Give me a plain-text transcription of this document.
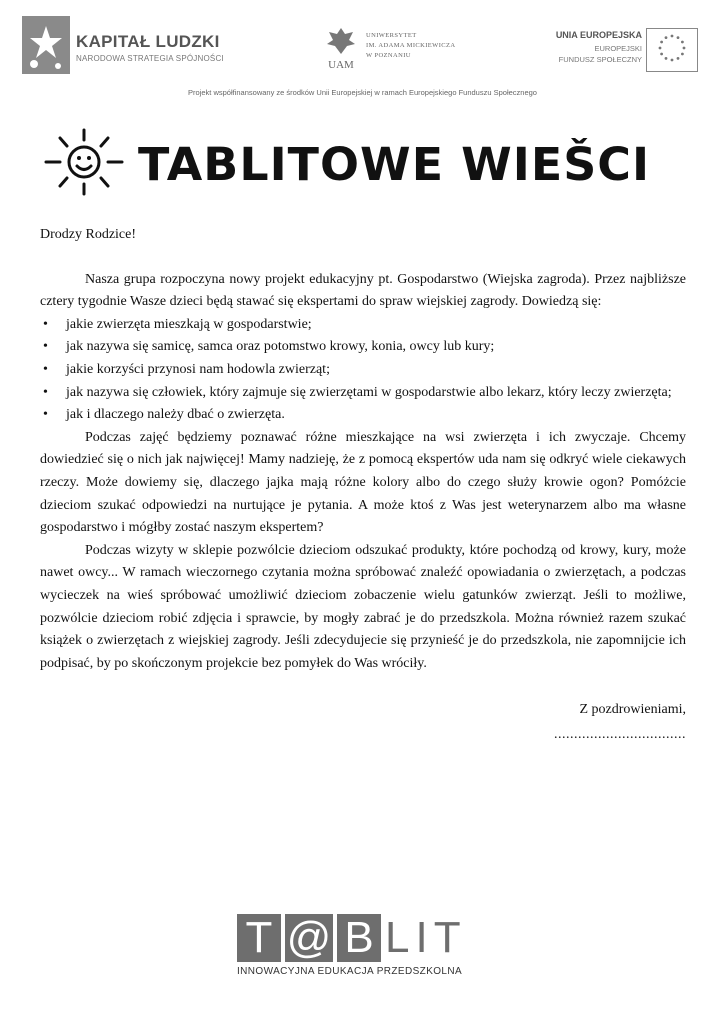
KAPITAŁ LUDZKI
NARODOWA STRATEGIA SPÓJNOŚCI
UAM
UNIWERSYTET
IM. ADAMA MICKIEWICZA
W POZNANIU
UNIA EUROPEJSKA
EUROPEJSKI
FUNDUSZ SPOŁECZNY
Projekt współfinansowany ze środków Unii Europejskiej w ramach Europejskiego Funduszu Społecznego
TABLITOWE WIEŠCI

Drodzy Rodzice!

Nasza grupa rozpoczyna nowy projekt edukacyjny pt. Gospodarstwo (Wiejska zagroda). Przez najbliższe cztery tygodnie Wasze dzieci będą stawać się ekspertami do spraw wiejskiej zagrody. Dowiedzą się:

• jakie zwierzęta mieszkają w gospodarstwie;
• jak nazywa się samicę, samca oraz potomstwo krowy, konia, owcy lub kury;
• jakie korzyści przynosi nam hodowla zwierząt;
• jak nazywa się człowiek, który zajmuje się zwierzętami w gospodarstwie albo lekarz, który leczy zwierzęta;
• jak i dlaczego należy dbać o zwierzęta.

Podczas zajęć będziemy poznawać różne mieszkające na wsi zwierzęta i ich zwyczaje. Chcemy dowiedzieć się o nich jak najwięcej! Mamy nadzieję, że z pomocą ekspertów uda nam się odkryć wiele ciekawych rzeczy. Może dowiemy się, dlaczego jajka mają różne kolory albo do czego służy krowie ogon? Pomóżcie dzieciom szukać odpowiedzi na nurtujące je pytania. A może ktoś z Was jest weterynarzem albo ma własne gospodarstwo i mógłby zostać naszym ekspertem?

Podczas wizyty w sklepie pozwólcie dzieciom odszukać produkty, które pochodzą od krowy, kury, może nawet owcy... W ramach wieczornego czytania można spróbować znaleźć opowiadania o zwierzętach, a podczas wycieczek na wieś spróbować umożliwić dzieciom zobaczenie wielu gatunków zwierząt. Jeśli to możliwe, pozwólcie dzieciom robić zdjęcia i sprawcie, by mogły zabrać je do przedszkola. Można również razem szukać książek o zwierzętach z wiejskiej zagrody. Jeśli zdecydujecie się przynieść je do przedszkola, nie zapomnijcie ich podpisać, by po skończonym projekcie bez pomyłek do Was wróciły.

Z pozdrowieniami,

.................................

T @ B LIT
INNOWACYJNA EDUKACJA PRZEDSZKOLNA
